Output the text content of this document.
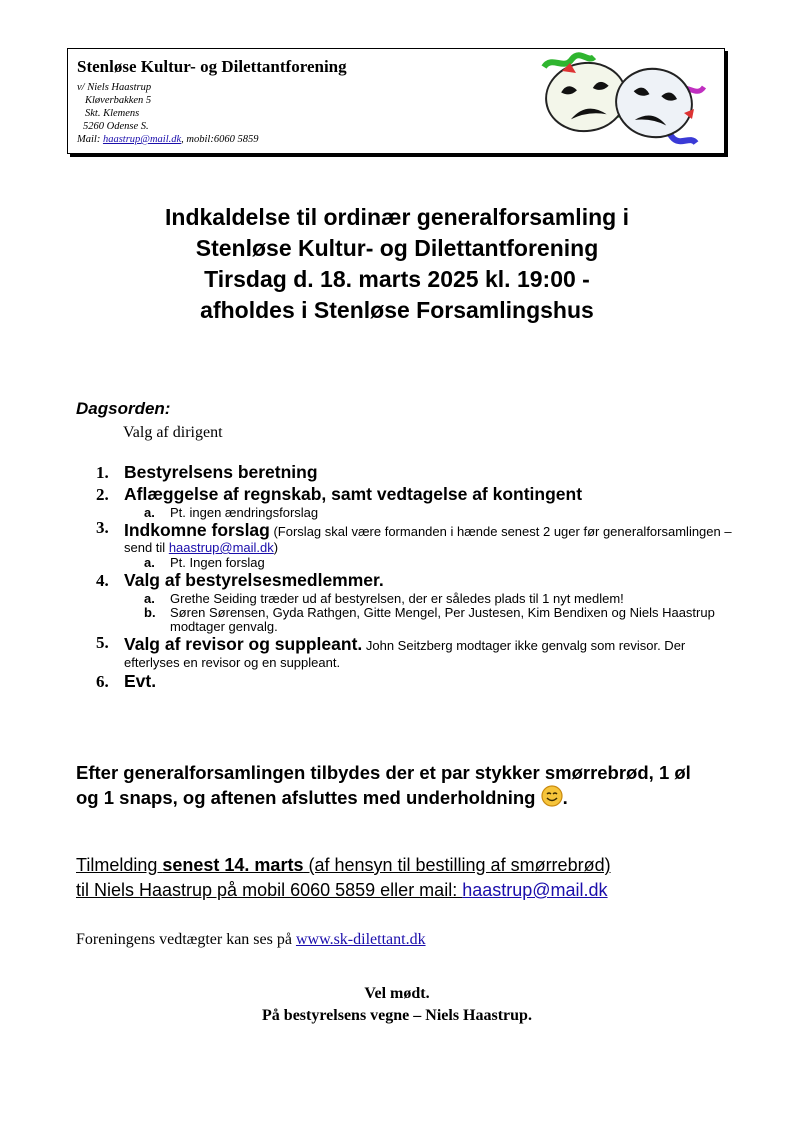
Stenløse Kultur- og Dilettantforening
v/ Niels Haastrup
Kløverbakken 5
Skt. Klemens
5260 Odense S.
Mail: haastrup@mail.dk, mobil:6060 5859
Indkaldelse til ordinær generalforsamling i
Stenløse Kultur- og Dilettantforening
Tirsdag d. 18. marts 2025 kl. 19:00 -
afholdes i Stenløse Forsamlingshus
Dagsorden:
Valg af dirigent
1. Bestyrelsens beretning
2. Aflæggelse af regnskab, samt vedtagelse af kontingent
a. Pt. ingen ændringsforslag
3. Indkomne forslag (Forslag skal være formanden i hænde senest 2 uger før generalforsamlingen – send til haastrup@mail.dk)
a. Pt. Ingen forslag
4. Valg af bestyrelsesmedlemmer.
a. Grethe Seiding træder ud af bestyrelsen, der er således plads til 1 nyt medlem!
b. Søren Sørensen, Gyda Rathgen, Gitte Mengel, Per Justesen, Kim Bendixen og Niels Haastrup modtager genvalg.
5. Valg af revisor og suppleant. John Seitzberg modtager ikke genvalg som revisor. Der efterlyses en revisor og en suppleant.
6. Evt.
Efter generalforsamlingen tilbydes der et par stykker smørrebrød, 1 øl og 1 snaps, og aftenen afsluttes med underholdning .
Tilmelding senest 14. marts (af hensyn til bestilling af smørrebrød)
til Niels Haastrup på mobil 6060 5859 eller mail: haastrup@mail.dk
Foreningens vedtægter kan ses på www.sk-dilettant.dk
Vel mødt.
På bestyrelsens vegne – Niels Haastrup.
